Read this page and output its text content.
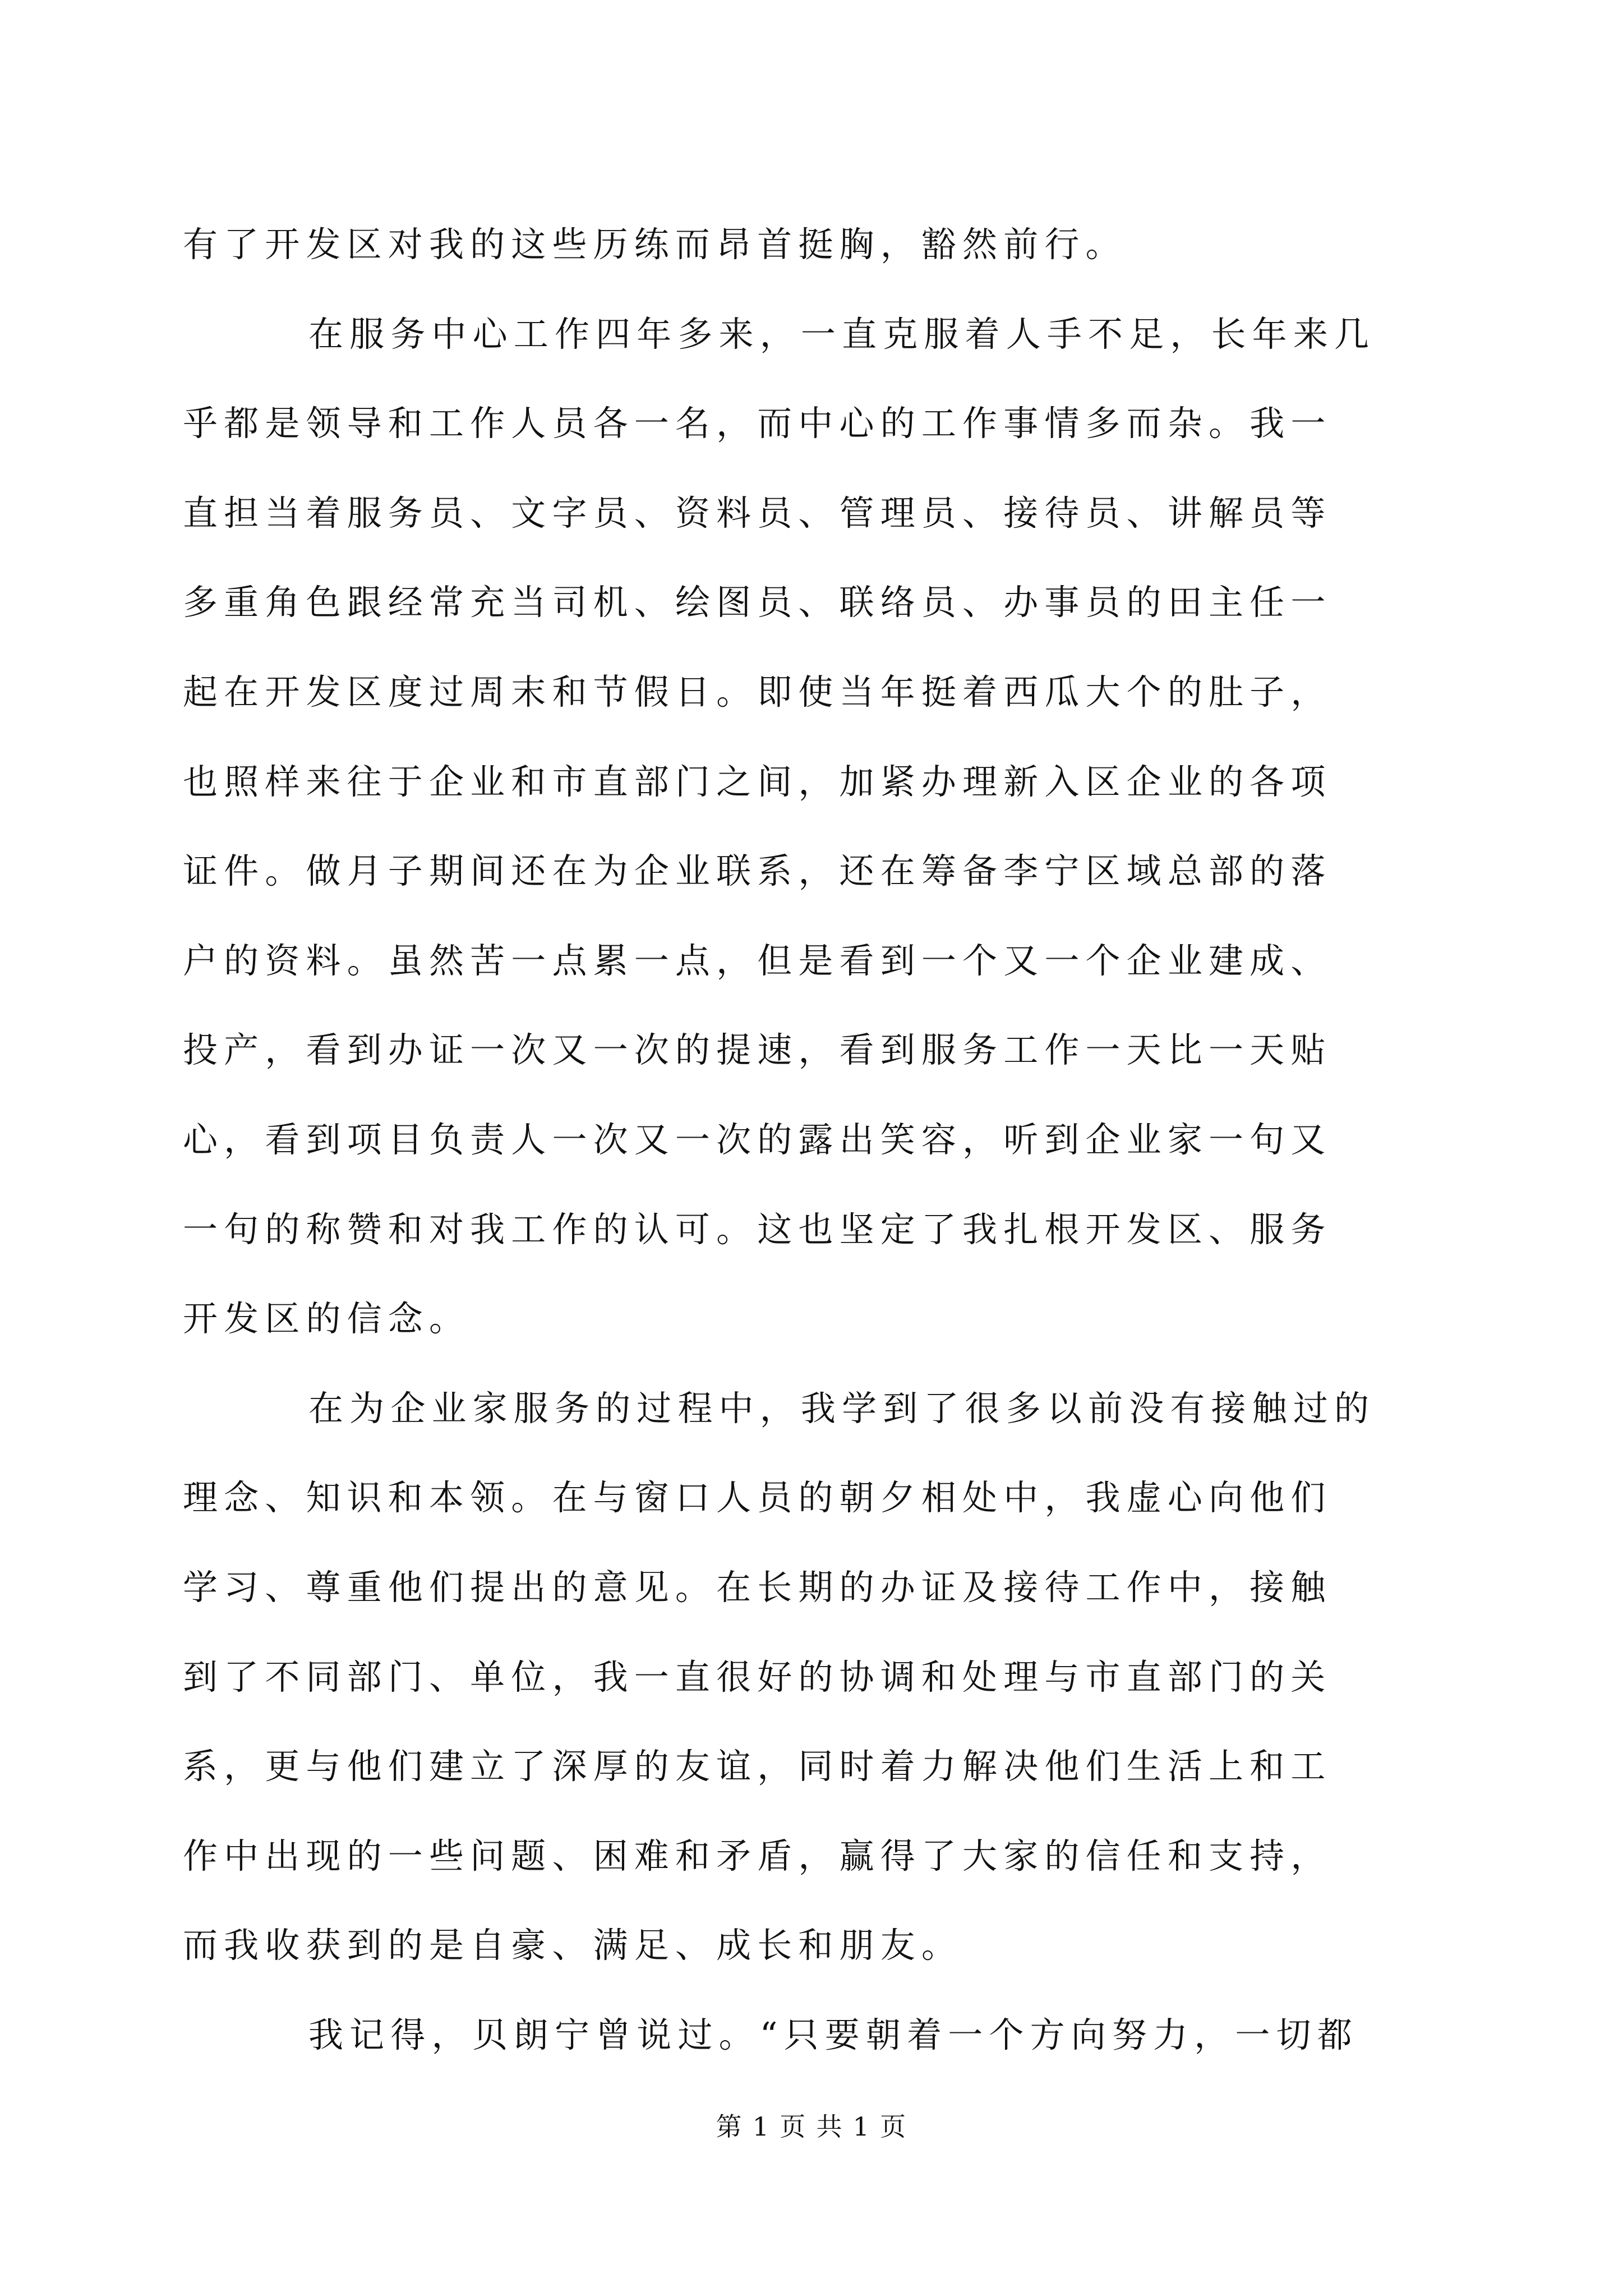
有了开发区对我的这些历练而昂首挺胸，豁然前行。
在服务中心工作四年多来，一直克服着人手不足，长年来几
乎都是领导和工作人员各一名，而中心的工作事情多而杂。我一
直担当着服务员、文字员、资料员、管理员、接待员、讲解员等
多重角色跟经常充当司机、绘图员、联络员、办事员的田主任一
起在开发区度过周末和节假日。即使当年挺着西瓜大个的肚子，
也照样来往于企业和市直部门之间，加紧办理新入区企业的各项
证件。做月子期间还在为企业联系，还在筹备李宁区域总部的落
户的资料。虽然苦一点累一点，但是看到一个又一个企业建成、
投产，看到办证一次又一次的提速，看到服务工作一天比一天贴
心，看到项目负责人一次又一次的露出笑容，听到企业家一句又
一句的称赞和对我工作的认可。这也坚定了我扎根开发区、服务
开发区的信念。
在为企业家服务的过程中，我学到了很多以前没有接触过的
理念、知识和本领。在与窗口人员的朝夕相处中，我虚心向他们
学习、尊重他们提出的意见。在长期的办证及接待工作中，接触
到了不同部门、单位，我一直很好的协调和处理与市直部门的关
系，更与他们建立了深厚的友谊，同时着力解决他们生活上和工
作中出现的一些问题、困难和矛盾，赢得了大家的信任和支持，
而我收获到的是自豪、满足、成长和朋友。
我记得，贝朗宁曾说过。“只要朝着一个方向努力，一切都
第 1 页 共 1 页
